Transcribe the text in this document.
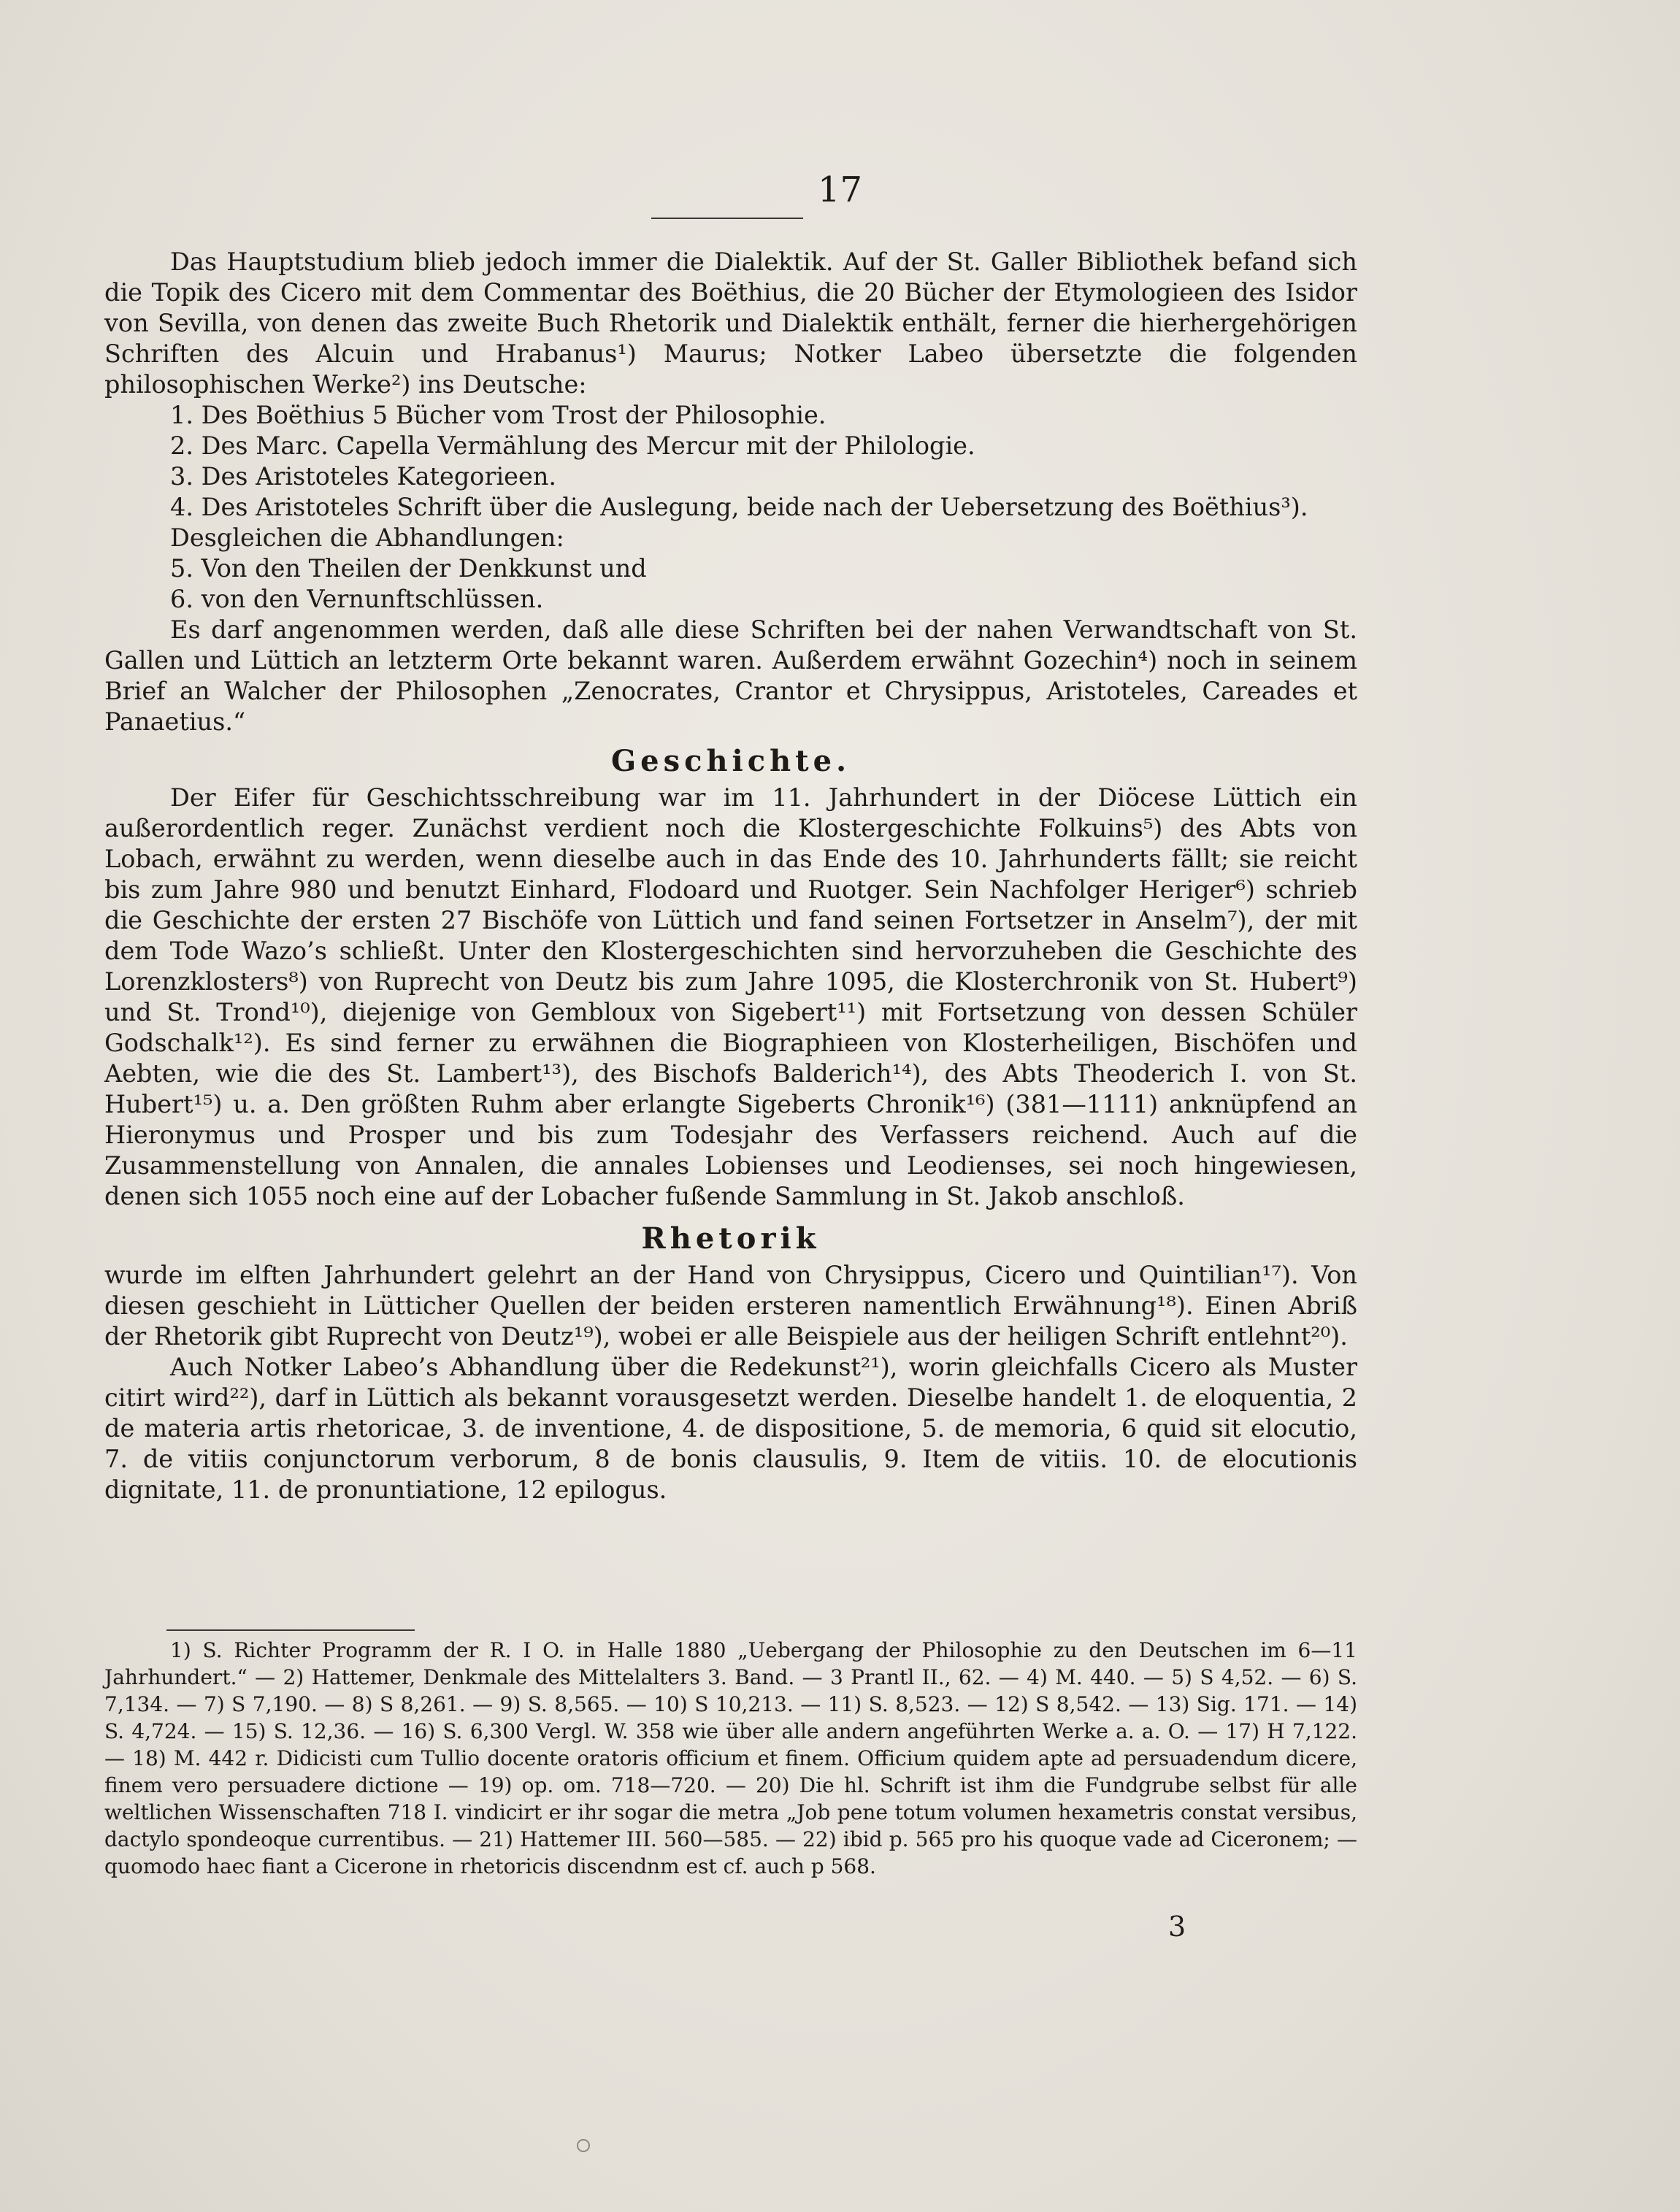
17

Das Hauptstudium blieb jedoch immer die Dialektik. Auf der St. Galler Bibliothek befand sich die Topik des Cicero mit dem Commentar des Boëthius, die 20 Bücher der Etymologieen des Isidor von Sevilla, von denen das zweite Buch Rhetorik und Dialektik enthält, ferner die hierhergehörigen Schriften des Alcuin und Hrabanus¹) Maurus; Notker Labeo übersetzte die folgenden philosophischen Werke²) ins Deutsche:

1. Des Boëthius 5 Bücher vom Trost der Philosophie.

2. Des Marc. Capella Vermählung des Mercur mit der Philologie.

3. Des Aristoteles Kategorieen.

4. Des Aristoteles Schrift über die Auslegung, beide nach der Uebersetzung des Boëthius³).

Desgleichen die Abhandlungen:

5. Von den Theilen der Denkkunst und

6. von den Vernunftschlüssen.

Es darf angenommen werden, daß alle diese Schriften bei der nahen Verwandtschaft von St. Gallen und Lüttich an letzterm Orte bekannt waren. Außerdem erwähnt Gozechin⁴) noch in seinem Brief an Walcher der Philosophen „Zenocrates, Crantor et Chrysippus, Aristoteles, Careades et Panaetius.“

Geschichte.

Der Eifer für Geschichtsschreibung war im 11. Jahrhundert in der Diöcese Lüttich ein außerordentlich reger. Zunächst verdient noch die Klostergeschichte Folkuins⁵) des Abts von Lobach, erwähnt zu werden, wenn dieselbe auch in das Ende des 10. Jahrhunderts fällt; sie reicht bis zum Jahre 980 und benutzt Einhard, Flodoard und Ruotger. Sein Nachfolger Heriger⁶) schrieb die Geschichte der ersten 27 Bischöfe von Lüttich und fand seinen Fortsetzer in Anselm⁷), der mit dem Tode Wazo’s schließt. Unter den Klostergeschichten sind hervorzuheben die Geschichte des Lorenzklosters⁸) von Ruprecht von Deutz bis zum Jahre 1095, die Klosterchronik von St. Hubert⁹) und St. Trond¹⁰), diejenige von Gembloux von Sigebert¹¹) mit Fortsetzung von dessen Schüler Godschalk¹²). Es sind ferner zu erwähnen die Biographieen von Klosterheiligen, Bischöfen und Aebten, wie die des St. Lambert¹³), des Bischofs Balderich¹⁴), des Abts Theoderich I. von St. Hubert¹⁵) u. a. Den größten Ruhm aber erlangte Sigeberts Chronik¹⁶) (381—1111) anknüpfend an Hieronymus und Prosper und bis zum Todesjahr des Verfassers reichend. Auch auf die Zusammenstellung von Annalen, die annales Lobienses und Leodienses, sei noch hingewiesen, denen sich 1055 noch eine auf der Lobacher fußende Sammlung in St. Jakob anschloß.

Rhetorik

wurde im elften Jahrhundert gelehrt an der Hand von Chrysippus, Cicero und Quintilian¹⁷). Von diesen geschieht in Lütticher Quellen der beiden ersteren namentlich Erwähnung¹⁸). Einen Abriß der Rhetorik gibt Ruprecht von Deutz¹⁹), wobei er alle Beispiele aus der heiligen Schrift entlehnt²⁰).

Auch Notker Labeo’s Abhandlung über die Redekunst²¹), worin gleichfalls Cicero als Muster citirt wird²²), darf in Lüttich als bekannt vorausgesetzt werden. Dieselbe handelt 1. de eloquentia, 2 de materia artis rhetoricae, 3. de inventione, 4. de dispositione, 5. de memoria, 6 quid sit elocutio, 7. de vitiis conjunctorum verborum, 8 de bonis clausulis, 9. Item de vitiis. 10. de elocutionis dignitate, 11. de pronuntiatione, 12 epilogus.

1) S. Richter Programm der R. I O. in Halle 1880 „Uebergang der Philosophie zu den Deutschen im 6—11 Jahrhundert.“ — 2) Hattemer, Denkmale des Mittelalters 3. Band. — 3 Prantl II., 62. — 4) M. 440. — 5) S 4,52. — 6) S. 7,134. — 7) S 7,190. — 8) S 8,261. — 9) S. 8,565. — 10) S 10,213. — 11) S. 8,523. — 12) S 8,542. — 13) Sig. 171. — 14) S. 4,724. — 15) S. 12,36. — 16) S. 6,300 Vergl. W. 358 wie über alle andern angeführten Werke a. a. O. — 17) H 7,122. — 18) M. 442 r. Didicisti cum Tullio docente oratoris officium et finem. Officium quidem apte ad persuadendum dicere, finem vero persuadere dictione — 19) op. om. 718—720. — 20) Die hl. Schrift ist ihm die Fundgrube selbst für alle weltlichen Wissenschaften 718 I. vindicirt er ihr sogar die metra „Job pene totum volumen hexametris constat versibus, dactylo spondeoque currentibus. — 21) Hattemer III. 560—585. — 22) ibid p. 565 pro his quoque vade ad Ciceronem; — quomodo haec fiant a Cicerone in rhetoricis discendnm est cf. auch p 568.

3
